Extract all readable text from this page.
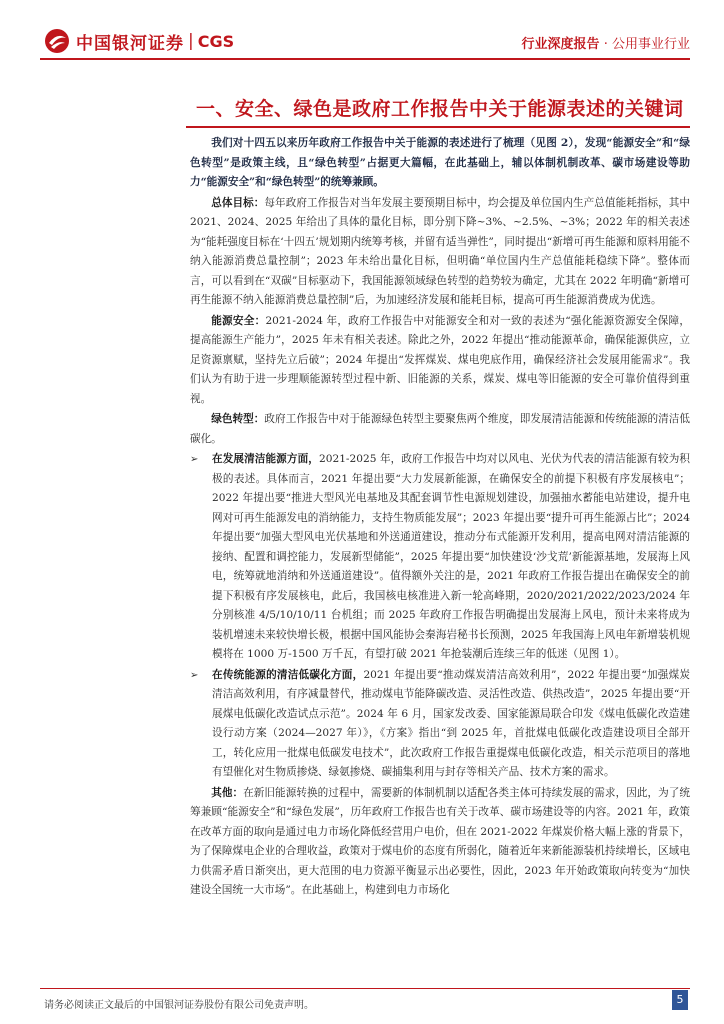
中国银河证券 | CGS	行业深度报告 · 公用事业行业
一、安全、绿色是政府工作报告中关于能源表述的关键词

我们对十四五以来历年政府工作报告中关于能源的表述进行了梳理（见图 2），发现“能源安全”和“绿色转型”是政策主线，且“绿色转型”占据更大篇幅，在此基础上，辅以体制机制改革、碳市场建设等助力“能源安全”和“绿色转型”的统筹兼顾。

总体目标：每年政府工作报告对当年发展主要预期目标中，均会提及单位国内生产总值能耗指标，其中 2021、2024、2025 年给出了具体的量化目标，即分别下降~3%、~2.5%、~3%；2022 年的相关表述为“能耗强度目标在‘十四五’规划期内统筹考核，并留有适当弹性”，同时提出“新增可再生能源和原料用能不纳入能源消费总量控制”；2023 年未给出量化目标，但明确“单位国内生产总值能耗稳续下降”。整体而言，可以看到在“双碳”目标驱动下，我国能源领域绿色转型的趋势较为确定，尤其在 2022 年明确“新增可再生能源不纳入能源消费总量控制”后，为加速经济发展和能耗目标，提高可再生能源消费成为优选。

能源安全：2021-2024 年，政府工作报告中对能源安全和对一致的表述为“强化能源资源安全保障，提高能源生产能力”，2025 年未有相关表述。除此之外，2022 年提出“推动能源革命，确保能源供应，立足资源禀赋，坚持先立后破”；2024 年提出“发挥煤炭、煤电兜底作用，确保经济社会发展用能需求”。我们认为有助于进一步理顺能源转型过程中新、旧能源的关系，煤炭、煤电等旧能源的安全可靠价值得到重视。

绿色转型：政府工作报告中对于能源绿色转型主要聚焦两个维度，即发展清洁能源和传统能源的清洁低碳化。

➢ 在发展清洁能源方面，2021-2025 年，政府工作报告中均对以风电、光伏为代表的清洁能源有较为积极的表述。具体而言，2021 年提出要“大力发展新能源，在确保安全的前提下积极有序发展核电”；2022 年提出要“推进大型风光电基地及其配套调节性电源规划建设，加强抽水蓄能电站建设，提升电网对可再生能源发电的消纳能力，支持生物质能发展”；2023 年提出要“提升可再生能源占比”；2024 年提出要“加强大型风电光伏基地和外送通道建设，推动分布式能源开发利用，提高电网对清洁能源的接纳、配置和调控能力，发展新型储能”，2025 年提出要“加快建设‘沙戈荒’新能源基地，发展海上风电，统筹就地消纳和外送通道建设”。值得额外关注的是，2021 年政府工作报告提出在确保安全的前提下积极有序发展核电，此后，我国核电核准进入新一轮高峰期，2020/2021/2022/2023/2024 年分别核准 4/5/10/10/11 台机组；而 2025 年政府工作报告明确提出发展海上风电，预计未来将成为装机增速未来较快增长极，根据中国风能协会秦海岩秘书长预测，2025 年我国海上风电年新增装机规模将在 1000 万-1500 万千瓦，有望打破 2021 年抢装潮后连续三年的低迷（见图 1）。
➢ 在传统能源的清洁低碳化方面，2021 年提出要“推动煤炭清洁高效利用”，2022 年提出要“加强煤炭清洁高效利用，有序减量替代，推动煤电节能降碳改造、灵活性改造、供热改造”，2025 年提出要“开展煤电低碳化改造试点示范”。2024 年 6 月，国家发改委、国家能源局联合印发《煤电低碳化改造建设行动方案（2024—2027 年）》，《方案》指出“到 2025 年，首批煤电低碳化改造建设项目全部开工，转化应用一批煤电低碳发电技术”，此次政府工作报告重提煤电低碳化改造，相关示范项目的落地有望催化对生物质掺烧、绿氨掺烧、碳捕集利用与封存等相关产品、技术方案的需求。

其他：在新旧能源转换的过程中，需要新的体制机制以适配各类主体可持续发展的需求，因此，为了统筹兼顾“能源安全”和“绿色发展”，历年政府工作报告也有关于改革、碳市场建设等的内容。2021 年，政策在改革方面的取向是通过电力市场化降低经营用户电价，但在 2021-2022 年煤炭价格大幅上涨的背景下，为了保障煤电企业的合理收益，政策对于煤电价的态度有所弱化，随着近年来新能源装机持续增长，区域电力供需矛盾日渐突出，更大范围的电力资源平衡显示出必要性，因此，2023 年开始政策取向转变为“加快建设全国统一大市场”。在此基础上，构建到电力市场化

请务必阅读正文最后的中国银河证券股份有限公司免责声明。	5
